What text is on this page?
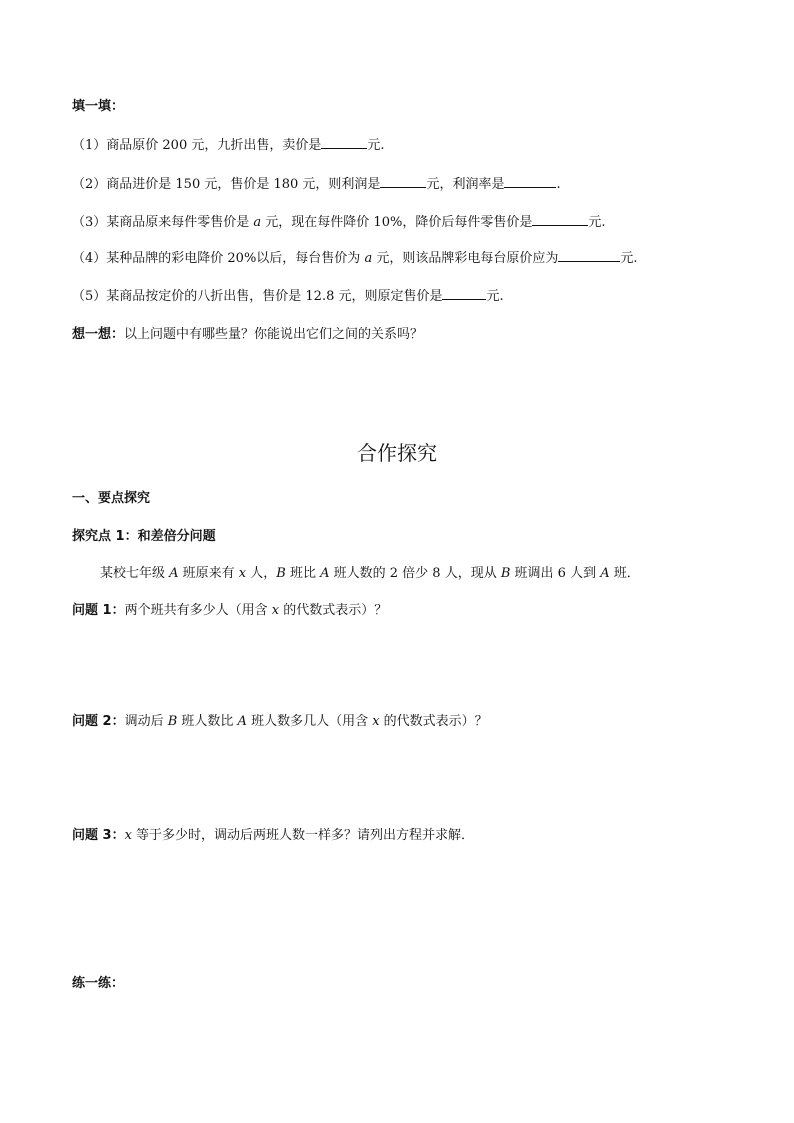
填一填：
（1）商品原价 200 元，九折出售，卖价是	元.
（2）商品进价是 150 元，售价是 180 元，则利润是	元，利润率是	.
（3）某商品原来每件零售价是 a 元，现在每件降价 10%，降价后每件零售价是	元.
（4）某种品牌的彩电降价 20%以后，每台售价为 a 元，则该品牌彩电每台原价应为	元.
（5）某商品按定价的八折出售，售价是 12.8 元，则原定售价是	元.
想一想：以上问题中有哪些量？你能说出它们之间的关系吗？
合作探究
一、要点探究
探究点 1：和差倍分问题
某校七年级 A 班原来有 x 人，B 班比 A 班人数的 2 倍少 8 人，现从 B 班调出 6 人到 A 班．
问题 1：两个班共有多少人（用含 x 的代数式表示）？
问题 2：调动后 B 班人数比 A 班人数多几人（用含 x 的代数式表示）？
问题 3：x 等于多少时，调动后两班人数一样多？请列出方程并求解．
练一练：
